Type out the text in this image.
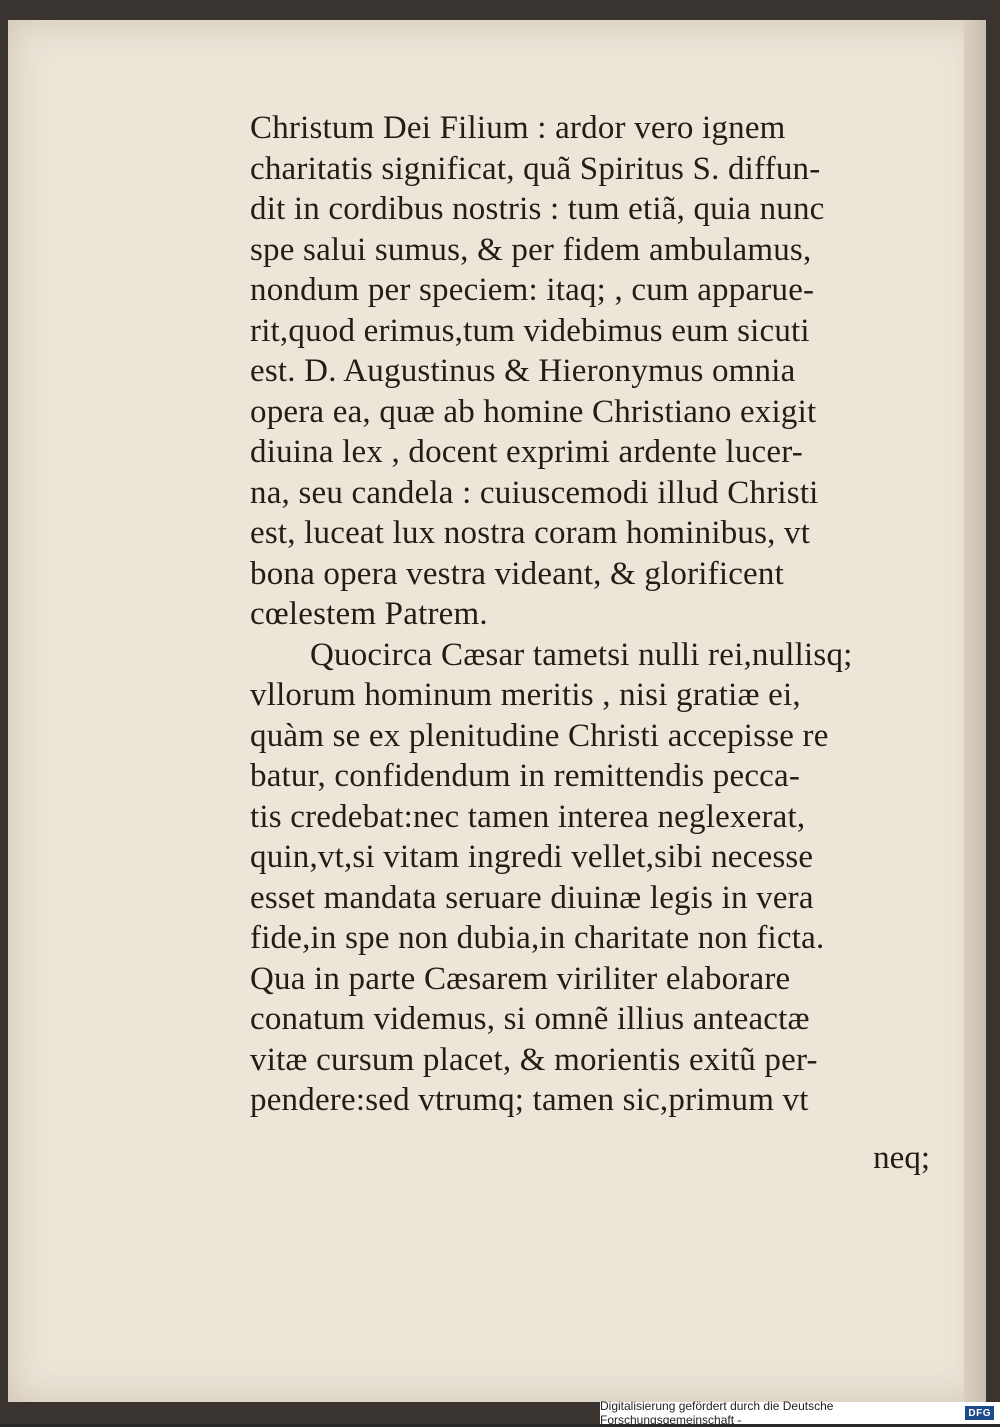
Christum Dei Filium : ardor vero ignem
charitatis significat, quã Spiritus S. diffun-
dit in cordibus nostris : tum etiã, quia nunc
spe salui sumus, & per fidem ambulamus,
nondum per speciem: itaq; , cum apparue-
rit,quod erimus,tum videbimus eum sicuti
est. D. Augustinus & Hieronymus omnia
opera ea, quæ ab homine Christiano exigit
diuina lex , docent exprimi ardente lucer-
na, seu candela : cuiuscemodi illud Christi
est, luceat lux nostra coram hominibus, vt
bona opera vestra videant, & glorificent
cœlestem Patrem.
Quocirca Cæsar tametsi nulli rei,nullisq;
vllorum hominum meritis , nisi gratiæ ei,
quàm se ex plenitudine Christi accepisse re
batur, confidendum in remittendis pecca-
tis credebat:nec tamen interea neglexerat,
quin,vt,si vitam ingredi vellet,sibi necesse
esset mandata seruare diuinæ legis in vera
fide,in spe non dubia,in charitate non ficta.
Qua in parte Cæsarem viriliter elaborare
conatum videmus, si omnẽ illius anteactæ
vitæ cursum placet, & morientis exitũ per-
pendere:sed vtrumq; tamen sic,primum vt
neq;
Digitalisierung gefördert durch die Deutsche Forschungsgemeinschaft -	DFG
